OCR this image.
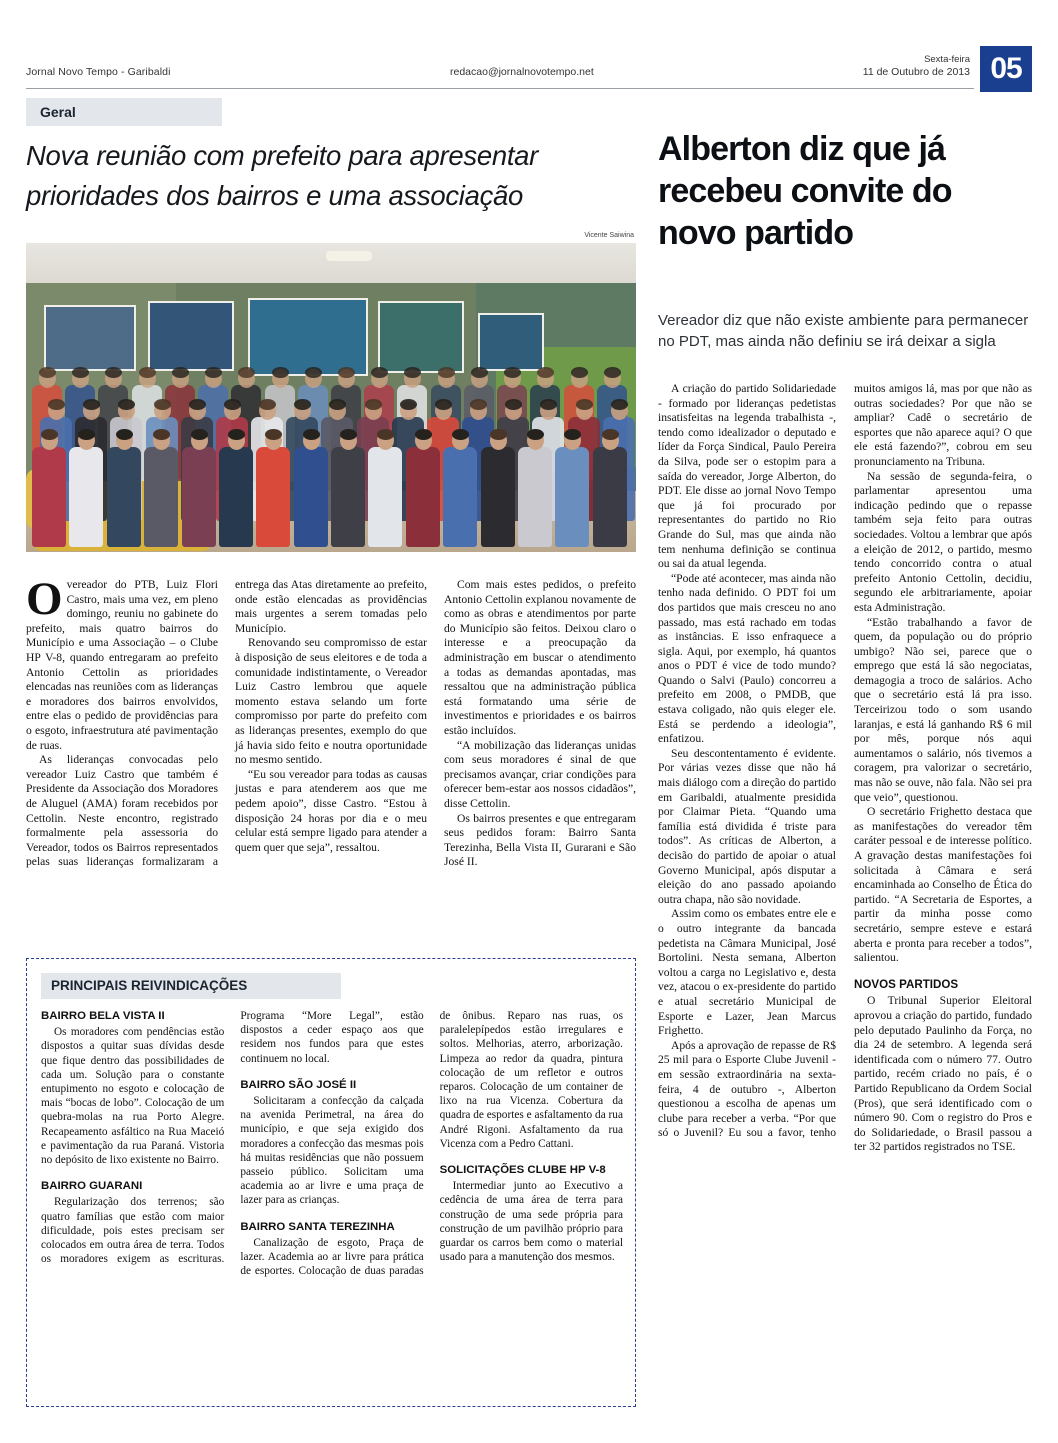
Jornal Novo Tempo - Garibaldi	redacao@jornalnovotempo.net
Sexta-feira
11 de Outubro de 2013 05
Geral
Nova reunião com prefeito para apresentar prioridades dos bairros e uma associação
Vicente Saiwina

Overeador do PTB, Luiz Flori Castro, mais uma vez, em pleno domingo, reuniu no gabinete do prefeito, mais quatro bairros do Município e uma Associação – o Clube HP V-8, quando entregaram ao prefeito Antonio Cettolin as prioridades elencadas nas reuniões com as lideranças e moradores dos bairros envolvidos, entre elas o pedido de providências para o esgoto, infraestrutura até pavimentação de ruas.

As lideranças convocadas pelo vereador Luiz Castro que também é Presidente da Associação dos Moradores de Aluguel (AMA) foram recebidos por Cettolin. Neste encontro, registrado formalmente pela assessoria do Vereador, todos os Bairros representados pelas suas lideranças formalizaram a entrega das Atas diretamente ao prefeito, onde estão elencadas as providências mais urgentes a serem tomadas pelo Município.

Renovando seu compromisso de estar à disposição de seus eleitores e de toda a comunidade indistintamente, o Vereador Luiz Castro lembrou que aquele momento estava selando um forte compromisso por parte do prefeito com as lideranças presentes, exemplo do que já havia sido feito e noutra oportunidade no mesmo sentido.

“Eu sou vereador para todas as causas justas e para atenderem aos que me pedem apoio”, disse Castro. “Estou à disposição 24 horas por dia e o meu celular está sempre ligado para atender a quem quer que seja”, ressaltou.

Com mais estes pedidos, o prefeito Antonio Cettolin explanou novamente de como as obras e atendimentos por parte do Município são feitos. Deixou claro o interesse e a preocupação da administração em buscar o atendimento a todas as demandas apontadas, mas ressaltou que na administração pública está formatando uma série de investimentos e prioridades e os bairros estão incluídos.

“A mobilização das lideranças unidas com seus moradores é sinal de que precisamos avançar, criar condições para oferecer bem-estar aos nossos cidadãos”, disse Cettolin.

Os bairros presentes e que entregaram seus pedidos foram: Bairro Santa Terezinha, Bella Vista II, Gurarani e São José II.

PRINCIPAIS REIVINDICAÇÕES
BAIRRO BELA VISTA II

Os moradores com pendências estão dispostos a quitar suas dívidas desde que fique dentro das possibilidades de cada um. Solução para o constante entupimento no esgoto e colocação de mais “bocas de lobo”. Colocação de um quebra-molas na rua Porto Alegre. Recapeamento asfáltico na Rua Maceió e pavimentação da rua Paraná. Vistoria no depósito de lixo existente no Bairro.

BAIRRO GUARANI

Regularização dos terrenos; são quatro famílias que estão com maior dificuldade, pois estes precisam ser colocados em outra área de terra. Todos os moradores exigem as escrituras. Programa “More Legal”, estão dispostos a ceder espaço aos que residem nos fundos para que estes continuem no local.

BAIRRO SÃO JOSÉ II

Solicitaram a confecção da calçada na avenida Perimetral, na área do município, e que seja exigido dos moradores a confecção das mesmas pois há muitas residências que não possuem passeio público. Solicitam uma academia ao ar livre e uma praça de lazer para as crianças.

BAIRRO SANTA TEREZINHA

Canalização de esgoto, Praça de lazer. Academia ao ar livre para prática de esportes. Colocação de duas paradas de ônibus. Reparo nas ruas, os paralelepípedos estão irregulares e soltos. Melhorias, aterro, arborização. Limpeza ao redor da quadra, pintura colocação de um refletor e outros reparos. Colocação de um container de lixo na rua Vicenza. Cobertura da quadra de esportes e asfaltamento da rua André Rigoni. Asfaltamento da rua Vicenza com a Pedro Cattani.

SOLICITAÇÕES CLUBE HP V-8

Intermediar junto ao Executivo a cedência de uma área de terra para construção de uma sede própria para construção de um pavilhão próprio para guardar os carros bem como o material usado para a manutenção dos mesmos.

Alberton diz que já recebeu convite do novo partido
Vereador diz que não existe ambiente para permanecer no PDT, mas ainda não definiu se irá deixar a sigla

A criação do partido Solidariedade - formado por lideranças pedetistas insatisfeitas na legenda trabalhista -, tendo como idealizador o deputado e líder da Força Sindical, Paulo Pereira da Silva, pode ser o estopim para a saída do vereador, Jorge Alberton, do PDT. Ele disse ao jornal Novo Tempo que já foi procurado por representantes do partido no Rio Grande do Sul, mas que ainda não tem nenhuma definição se continua ou sai da atual legenda.

“Pode até acontecer, mas ainda não tenho nada definido. O PDT foi um dos partidos que mais cresceu no ano passado, mas está rachado em todas as instâncias. E isso enfraquece a sigla. Aqui, por exemplo, há quantos anos o PDT é vice de todo mundo? Quando o Salvi (Paulo) concorreu a prefeito em 2008, o PMDB, que estava coligado, não quis eleger ele. Está se perdendo a ideologia”, enfatizou.

Seu descontentamento é evidente. Por várias vezes disse que não há mais diálogo com a direção do partido em Garibaldi, atualmente presidida por Claimar Pieta. “Quando uma família está dividida é triste para todos”. As críticas de Alberton, a decisão do partido de apoiar o atual Governo Municipal, após disputar a eleição do ano passado apoiando outra chapa, não são novidade.

Assim como os embates entre ele e o outro integrante da bancada pedetista na Câmara Municipal, José Bortolini. Nesta semana, Alberton voltou a carga no Legislativo e, desta vez, atacou o ex-presidente do partido e atual secretário Municipal de Esporte e Lazer, Jean Marcus Frighetto.

Após a aprovação de repasse de R$ 25 mil para o Esporte Clube Juvenil - em sessão extraordinária na sexta-feira, 4 de outubro -, Alberton questionou a escolha de apenas um clube para receber a verba. “Por que só o Juvenil? Eu sou a favor, tenho muitos amigos lá, mas por que não as outras sociedades? Por que não se ampliar? Cadê o secretário de esportes que não aparece aqui? O que ele está fazendo?”, cobrou em seu pronunciamento na Tribuna.

Na sessão de segunda-feira, o parlamentar apresentou uma indicação pedindo que o repasse também seja feito para outras sociedades. Voltou a lembrar que após a eleição de 2012, o partido, mesmo tendo concorrido contra o atual prefeito Antonio Cettolin, decidiu, segundo ele arbitrariamente, apoiar esta Administração.

“Estão trabalhando a favor de quem, da população ou do próprio umbigo? Não sei, parece que o emprego que está lá são negociatas, demagogia a troco de salários. Acho que o secretário está lá pra isso. Terceirizou todo o som usando laranjas, e está lá ganhando R$ 6 mil por mês, porque nós aqui aumentamos o salário, nós tivemos a coragem, pra valorizar o secretário, mas não se ouve, não fala. Não sei pra que veio”, questionou.

O secretário Frighetto destaca que as manifestações do vereador têm caráter pessoal e de interesse político. A gravação destas manifestações foi solicitada à Câmara e será encaminhada ao Conselho de Ética do partido. “A Secretaria de Esportes, a partir da minha posse como secretário, sempre esteve e estará aberta e pronta para receber a todos”, salientou.

NOVOS PARTIDOS

O Tribunal Superior Eleitoral aprovou a criação do partido, fundado pelo deputado Paulinho da Força, no dia 24 de setembro. A legenda será identificada com o número 77. Outro partido, recém criado no país, é o Partido Republicano da Ordem Social (Pros), que será identificado com o número 90. Com o registro do Pros e do Solidariedade, o Brasil passou a ter 32 partidos registrados no TSE.
